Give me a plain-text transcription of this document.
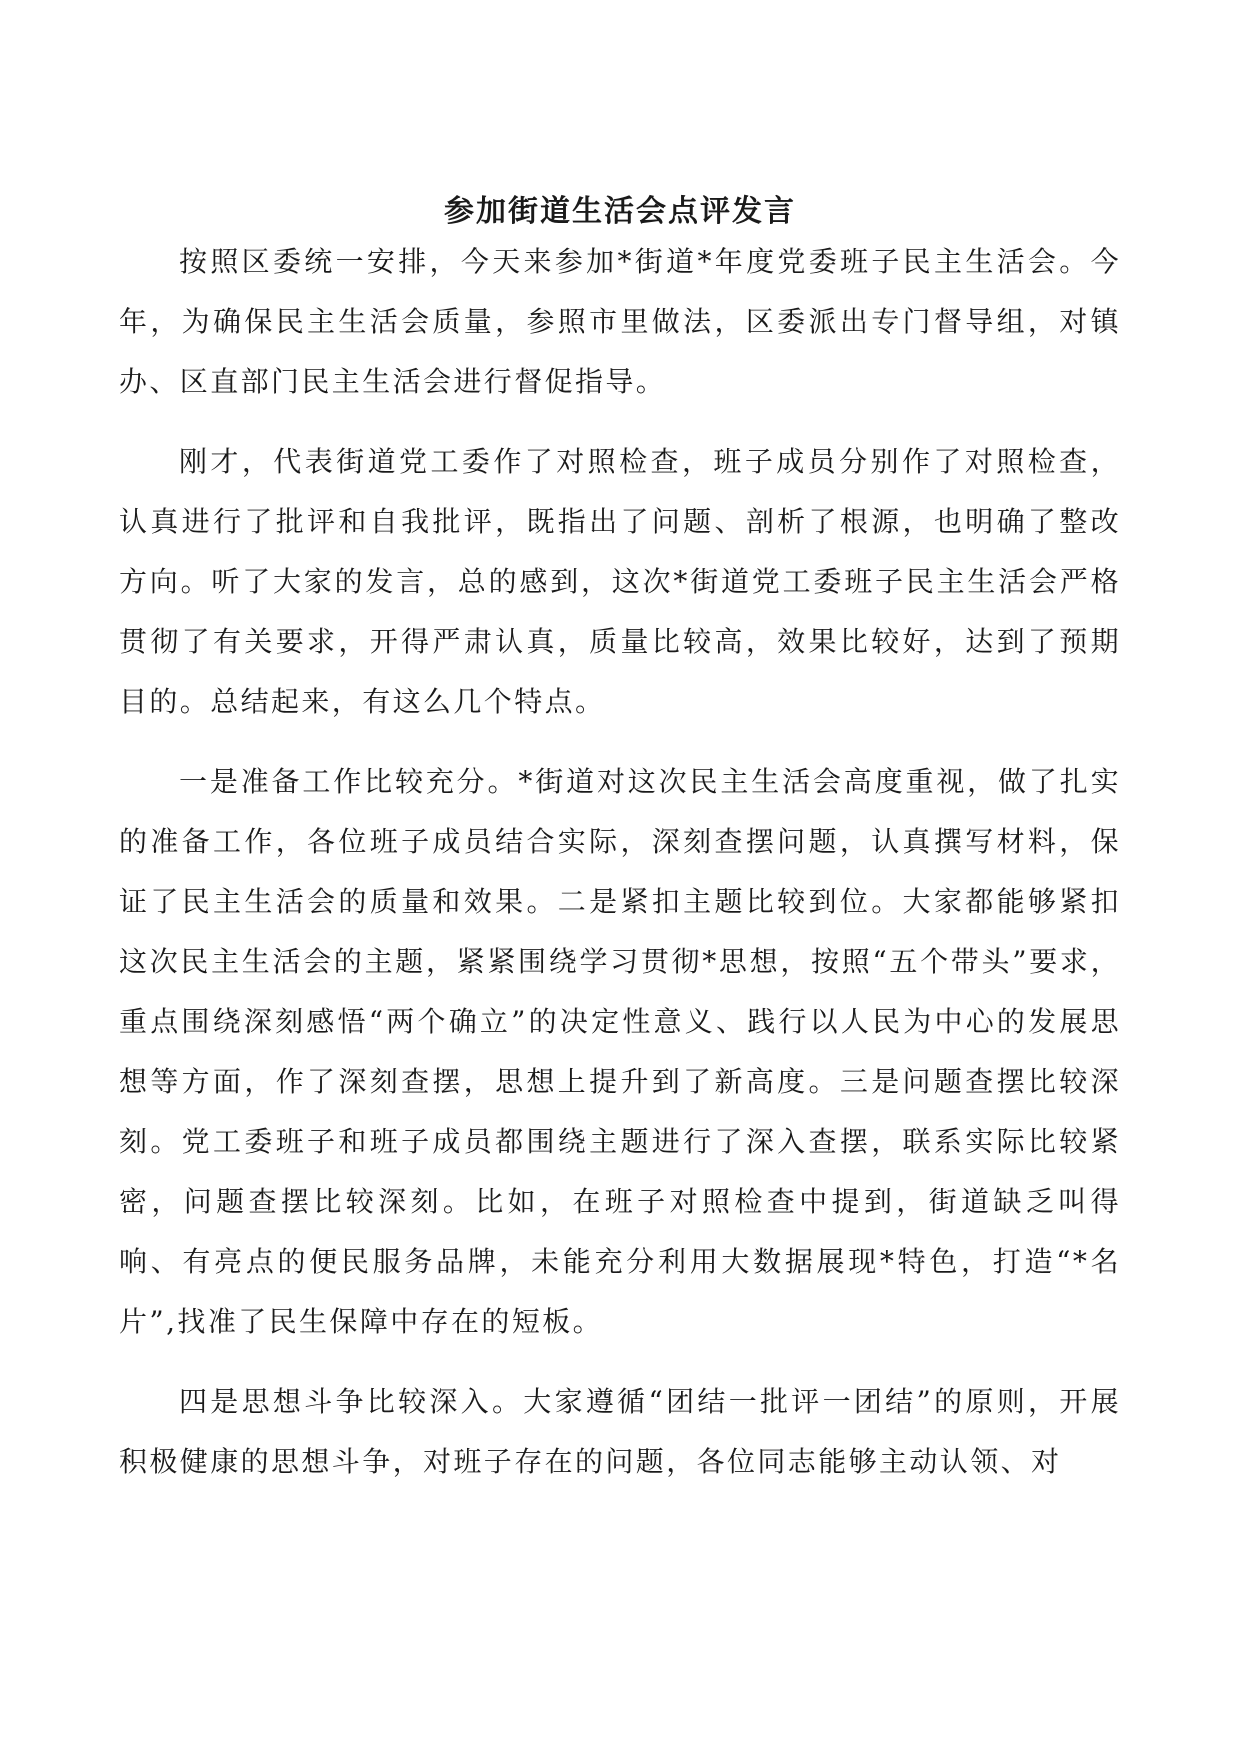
参加街道生活会点评发言

按照区委统一安排，今天来参加*街道*年度党委班子民主生活会。今年，为确保民主生活会质量，参照市里做法，区委派出专门督导组，对镇办、区直部门民主生活会进行督促指导。

刚才，代表街道党工委作了对照检查，班子成员分别作了对照检查，认真进行了批评和自我批评，既指出了问题、剖析了根源，也明确了整改方向。听了大家的发言，总的感到，这次*街道党工委班子民主生活会严格贯彻了有关要求，开得严肃认真，质量比较高，效果比较好，达到了预期目的。总结起来，有这么几个特点。

一是准备工作比较充分。*街道对这次民主生活会高度重视，做了扎实的准备工作，各位班子成员结合实际，深刻查摆问题，认真撰写材料，保证了民主生活会的质量和效果。二是紧扣主题比较到位。大家都能够紧扣这次民主生活会的主题，紧紧围绕学习贯彻*思想，按照“五个带头”要求，重点围绕深刻感悟“两个确立”的决定性意义、践行以人民为中心的发展思想等方面，作了深刻查摆，思想上提升到了新高度。三是问题查摆比较深刻。党工委班子和班子成员都围绕主题进行了深入查摆，联系实际比较紧密，问题查摆比较深刻。比如，在班子对照检查中提到，街道缺乏叫得响、有亮点的便民服务品牌，未能充分利用大数据展现*特色，打造“*名片”,找准了民生保障中存在的短板。

四是思想斗争比较深入。大家遵循“团结一批评一团结”的原则，开展积极健康的思想斗争，对班子存在的问题，各位同志能够主动认领、对
